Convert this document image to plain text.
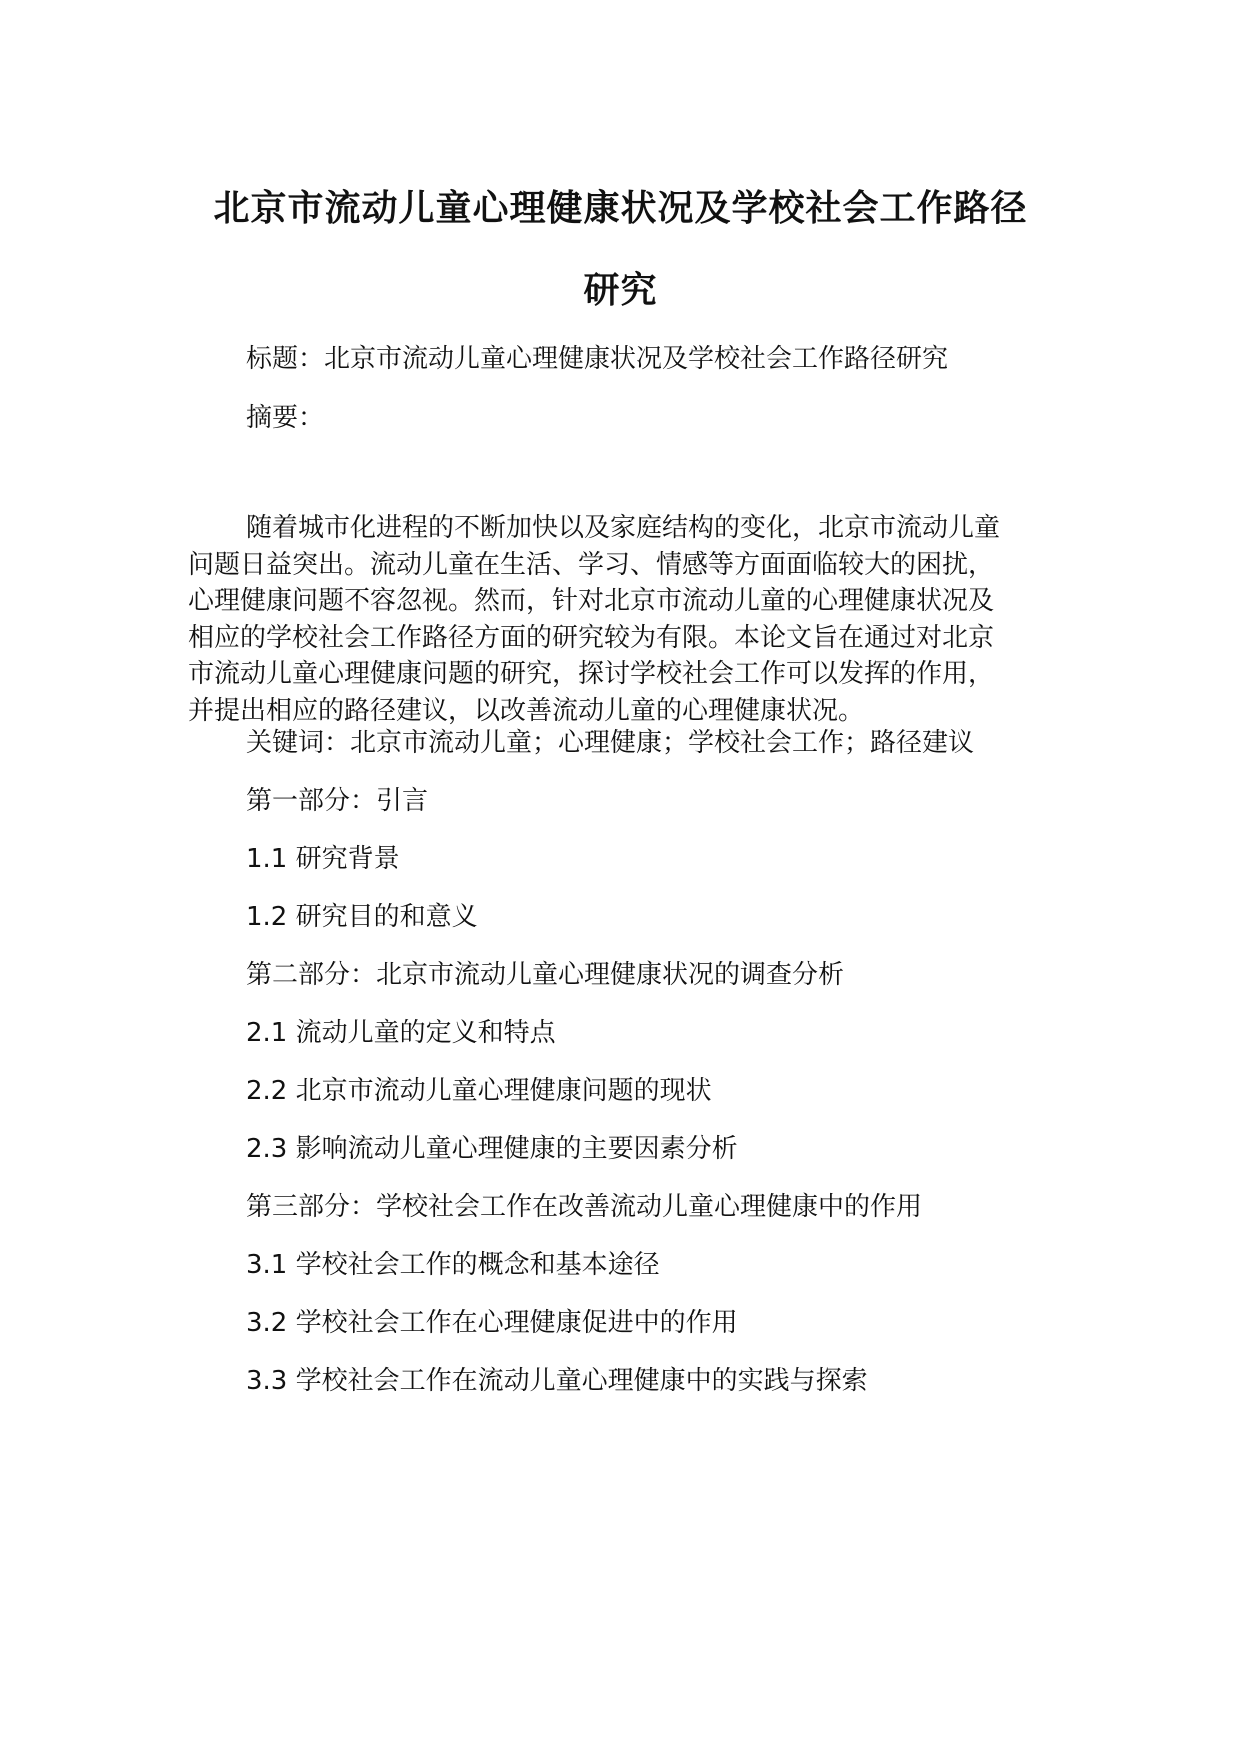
北京市流动儿童心理健康状况及学校社会工作路径
研究
标题：北京市流动儿童心理健康状况及学校社会工作路径研究
摘要：
随着城市化进程的不断加快以及家庭结构的变化，北京市流动儿童
问题日益突出。流动儿童在生活、学习、情感等方面面临较大的困扰，
心理健康问题不容忽视。然而，针对北京市流动儿童的心理健康状况及
相应的学校社会工作路径方面的研究较为有限。本论文旨在通过对北京
市流动儿童心理健康问题的研究，探讨学校社会工作可以发挥的作用，
并提出相应的路径建议，以改善流动儿童的心理健康状况。
关键词：北京市流动儿童；心理健康；学校社会工作；路径建议
第一部分：引言
1.1 研究背景
1.2 研究目的和意义
第二部分：北京市流动儿童心理健康状况的调查分析
2.1 流动儿童的定义和特点
2.2 北京市流动儿童心理健康问题的现状
2.3 影响流动儿童心理健康的主要因素分析
第三部分：学校社会工作在改善流动儿童心理健康中的作用
3.1 学校社会工作的概念和基本途径
3.2 学校社会工作在心理健康促进中的作用
3.3 学校社会工作在流动儿童心理健康中的实践与探索
